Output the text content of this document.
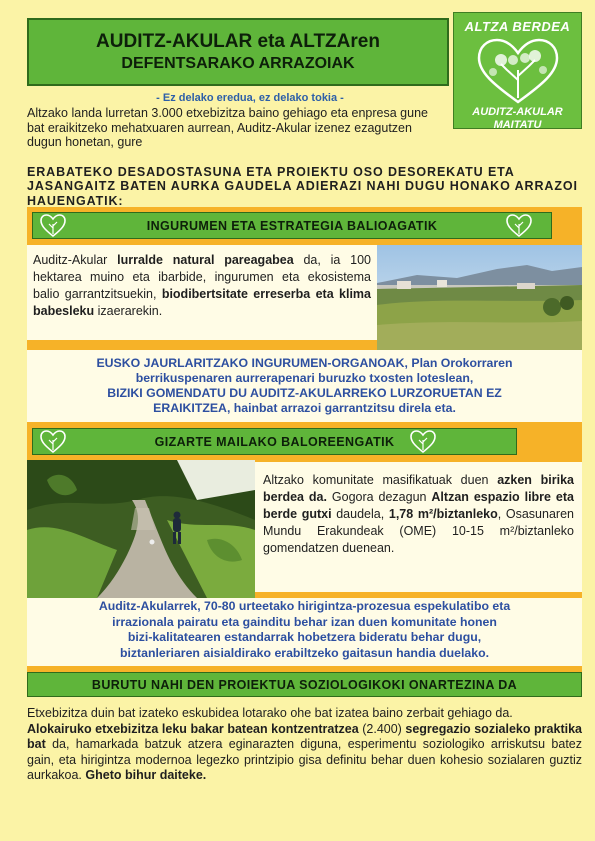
AUDITZ-AKULAR eta ALTZAren
DEFENTSARAKO ARRAZOIAK
ALTZA BERDEA
AUDITZ-AKULAR
MAITATU
- Ez delako eredua, ez delako tokia -
Altzako landa lurretan 3.000 etxebizitza baino gehiago eta enpresa gune bat eraikitzeko mehatxuaren aurrean, Auditz-Akular izenez ezagutzen dugun honetan, gure
ERABATEKO DESADOSTASUNA ETA PROIEKTU OSO DESOREKATU ETA JASANGAITZ BATEN AURKA GAUDELA ADIERAZI NAHI DUGU HONAKO ARRAZOI HAUENGATIK:
INGURUMEN ETA ESTRATEGIA BALIOAGATIK
Auditz-Akular lurralde natural pareagabea da, ia 100 hektarea muino eta ibarbide, ingurumen eta ekosistema balio garrantzitsuekin, biodibertsitate erreserba eta klima babesleku izaerarekin.
EUSKO JAURLARITZAKO INGURUMEN-ORGANOAK, Plan Orokorraren
berrikuspenaren aurrerapenari buruzko txosten loteslean,
BIZIKI GOMENDATU DU AUDITZ-AKULARREKO LURZORUETAN EZ
ERAIKITZEA, hainbat arrazoi garrantzitsu direla eta.
GIZARTE MAILAKO BALOREENGATIK
Altzako komunitate masifikatuak duen azken birika berdea da. Gogora dezagun Altzan espazio libre eta berde gutxi daudela, 1,78 m²/biztanleko, Osasunaren Mundu Erakundeak (OME) 10-15 m²/biztanleko gomendatzen duenean.
Auditz-Akularrek, 70-80 urteetako hirigintza-prozesua espekulatibo eta
irrazionala pairatu eta gainditu behar izan duen komunitate honen
bizi-kalitatearen estandarrak hobetzera bideratu behar dugu,
biztanleriaren aisialdirako erabiltzeko gaitasun handia duelako.
BURUTU NAHI DEN PROIEKTUA SOZIOLOGIKOKI ONARTEZINA DA
Etxebizitza duin bat izateko eskubidea lotarako ohe bat izatea baino zerbait gehiago da.
Alokairuko etxebizitza leku bakar batean kontzentratzea (2.400) segregazio sozialeko praktika bat da, hamarkada batzuk atzera eginarazten diguna, esperimentu soziologiko arriskutsu batez gain, eta hirigintza modernoa legezko printzipio gisa definitu behar duen kohesio sozialaren guztiz aurkakoa. Gheto bihur daiteke.
